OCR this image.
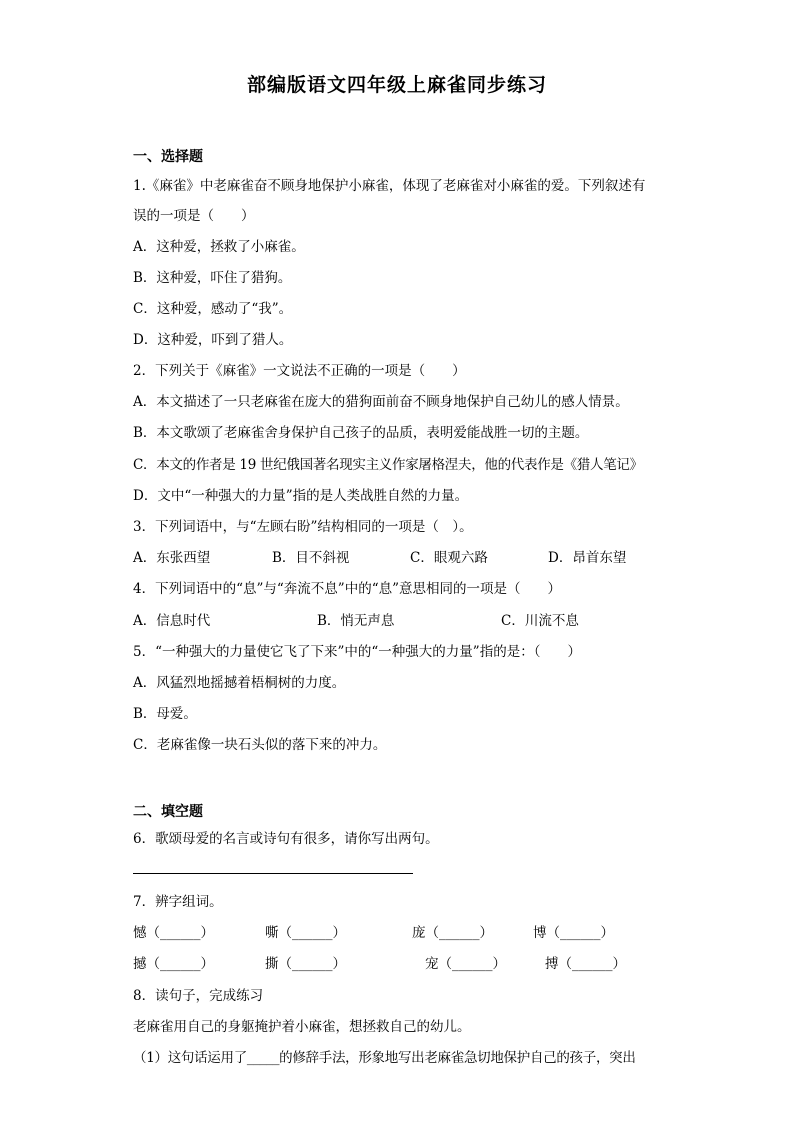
部编版语文四年级上麻雀同步练习
一、选择题
1.《麻雀》中老麻雀奋不顾身地保护小麻雀，体现了老麻雀对小麻雀的爱。下列叙述有
误的一项是（　　）
A．这种爱，拯救了小麻雀。
B．这种爱，吓住了猎狗。
C．这种爱，感动了“我”。
D．这种爱，吓到了猎人。
2．下列关于《麻雀》一文说法不正确的一项是（　　）
A．本文描述了一只老麻雀在庞大的猎狗面前奋不顾身地保护自己幼儿的感人情景。
B．本文歌颂了老麻雀舍身保护自己孩子的品质，表明爱能战胜一切的主题。
C．本文的作者是 19 世纪俄国著名现实主义作家屠格涅夫，他的代表作是《猎人笔记》
D．文中“一种强大的力量”指的是人类战胜自然的力量。
3．下列词语中，与“左顾右盼”结构相同的一项是（　）。
A．东张西望	B．目不斜视	C．眼观六路	D．昂首东望
4．下列词语中的“息”与“奔流不息”中的“息”意思相同的一项是（　　）
A．信息时代	B．悄无声息	C．川流不息
5．“一种强大的力量使它飞了下来”中的“一种强大的力量”指的是：（　　）
A．风猛烈地摇撼着梧桐树的力度。
B．母爱。
C．老麻雀像一块石头似的落下来的冲力。
二、填空题
6．歌颂母爱的名言或诗句有很多，请你写出两句。
7．辨字组词。
憾（______）	嘶（______）	庞（______）	博（______）
撼（______）	撕（______）	宠（______）	搏（______）
8．读句子，完成练习
老麻雀用自己的身躯掩护着小麻雀，想拯救自己的幼儿。
（1）这句话运用了_____的修辞手法，形象地写出老麻雀急切地保护自己的孩子，突出
